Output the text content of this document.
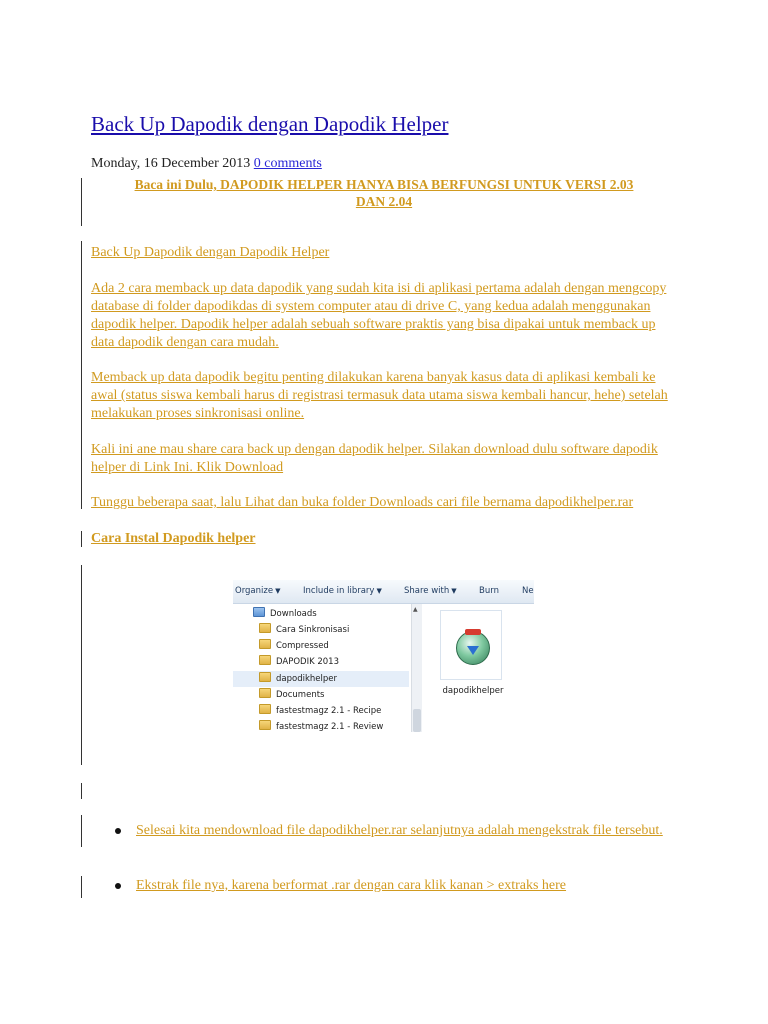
Back Up Dapodik dengan Dapodik Helper
Monday, 16 December 2013 0 comments
Baca ini Dulu, DAPODIK HELPER HANYA BISA BERFUNGSI UNTUK VERSI 2.03
DAN 2.04

Back Up Dapodik dengan Dapodik Helper

Ada 2 cara memback up data dapodik yang sudah kita isi di aplikasi pertama adalah dengan mengcopy database di folder dapodikdas di system computer atau di drive C, yang kedua adalah menggunakan dapodik helper. Dapodik helper adalah sebuah software praktis yang bisa dipakai untuk memback up data dapodik dengan cara mudah.

Memback up data dapodik begitu penting dilakukan karena banyak kasus data di aplikasi kembali ke awal (status siswa kembali harus di registrasi termasuk data utama siswa kembali hancur, hehe) setelah melakukan proses sinkronisasi online.

Kali ini ane mau share cara back up dengan dapodik helper. Silakan download dulu software dapodik helper di Link Ini. Klik Download

Tunggu beberapa saat, lalu Lihat dan buka folder Downloads cari file bernama dapodikhelper.rar

Cara Instal Dapodik helper
Organize ▼	Include in library ▼	Share with ▼	Burn	Ne
Downloads
Cara Sinkronisasi
Compressed
DAPODIK 2013
dapodikhelper
Documents
fastestmagz 2.1 - Recipe
fastestmagz 2.1 - Review
▲
dapodikhelper
Selesai kita mendownload file dapodikhelper.rar selanjutnya adalah mengekstrak file tersebut.
Ekstrak file nya, karena berformat .rar dengan cara klik kanan > extraks here
